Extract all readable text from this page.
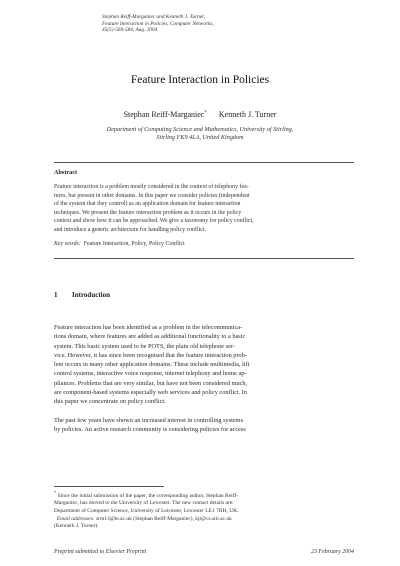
Stephan Reiff-Marganiec and Kenneth J. Turner,
Feature Interaction in Policies, Computer Networks,
45(5):569-584, Aug. 2004
Feature Interaction in Policies
Stephan Reiff-Marganiec* Kenneth J. Turner
Department of Computing Science and Mathematics, University of Stirling,
Stirling FK9 4LA, United Kingdom
Abstract
Feature interaction is a problem mostly considered in the context of telephony fea-
tures, but present in other domains. In this paper we consider policies (independent
of the system that they control) as an application domain for feature interaction
techniques. We present the feature interaction problem as it occurs in the policy
context and show how it can be approached. We give a taxonomy for policy conflict,
and introduce a generic architecture for handling policy conflict.
Key words: Feature Interaction, Policy, Policy Conflict
1 Introduction
Feature interaction has been identified as a problem in the telecommunica-
tions domain, where features are added as additional functionality to a basic
system. This basic system used to be POTS, the plain old telephone ser-
vice. However, it has since been recognised that the feature interaction prob-
lem occurs in many other application domains. These include multimedia, lift
control systems, interactive voice response, internet telephony and home ap-
pliances. Problems that are very similar, but have not been considered much,
are component-based systems especially web services and policy conflict. In
this paper we concentrate on policy conflict.
The past few years have shown an increased interest in controlling systems
by policies. An active research community is considering policies for access
* Since the initial submission of the paper, the corresponding author, Stephan Reiff-
Marganiec, has moved to the University of Leicester. The new contact details are:
Department of Computer Science, University of Leicester, Leicester LE1 7RH, UK.
Email addresses: srm13@le.ac.uk (Stephan Reiff-Marganiec), kjt@cs.stir.ac.uk
(Kenneth J. Turner).
Preprint submitted to Elsevier Preprint	23 February 2004
